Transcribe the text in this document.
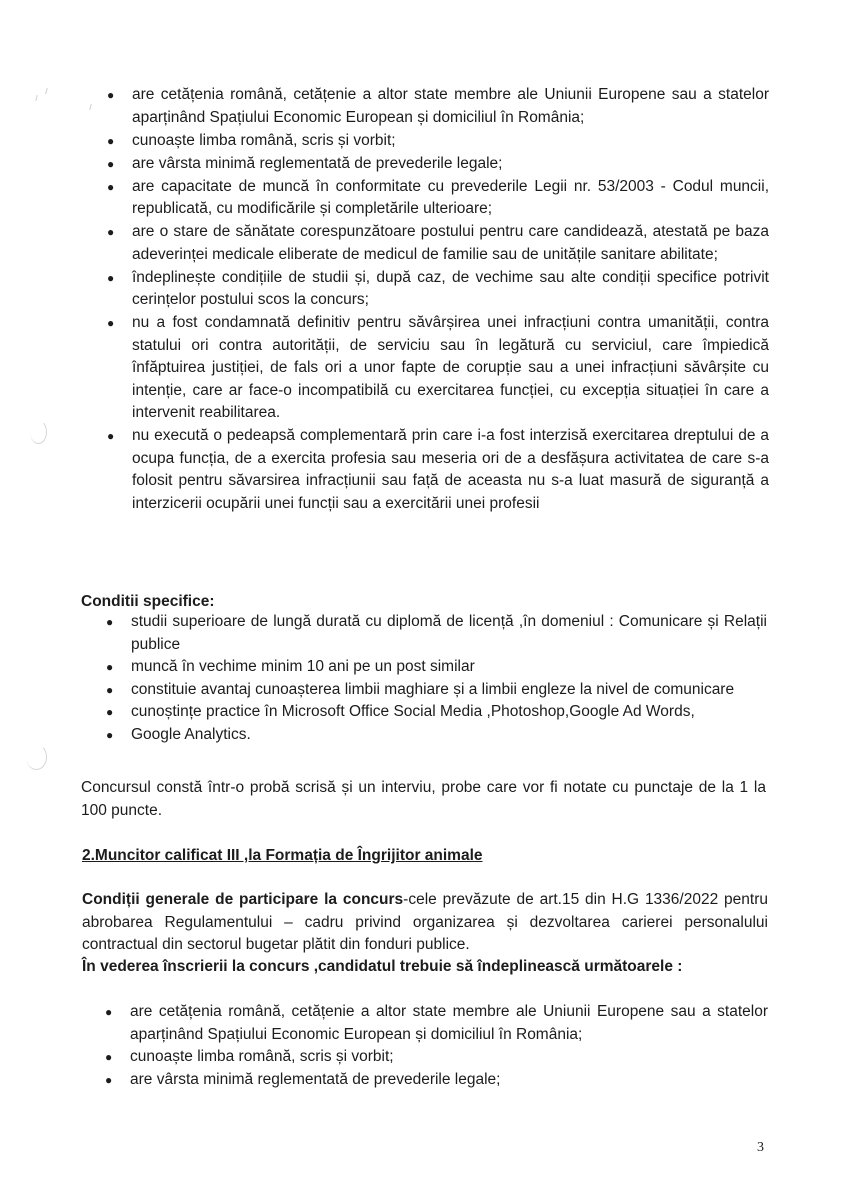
● are cetățenia română, cetățenie a altor state membre ale Uniunii Europene sau a statelor aparținând Spațiului Economic European și domiciliul în România;
● cunoaște limba română, scris și vorbit;
● are vârsta minimă reglementată de prevederile legale;
● are capacitate de muncă în conformitate cu prevederile Legii nr. 53/2003 - Codul muncii, republicată, cu modificările și completările ulterioare;
● are o stare de sănătate corespunzătoare postului pentru care candidează, atestată pe baza adeverinței medicale eliberate de medicul de familie sau de unitățile sanitare abilitate;
● îndeplinește condițiile de studii și, după caz, de vechime sau alte condiții specifice potrivit cerințelor postului scos la concurs;
● nu a fost condamnată definitiv pentru săvârșirea unei infracțiuni contra umanității, contra statului ori contra autorității, de serviciu sau în legătură cu serviciul, care împiedică înfăptuirea justiției, de fals ori a unor fapte de corupție sau a unei infracțiuni săvârșite cu intenție, care ar face-o incompatibilă cu exercitarea funcției, cu excepția situației în care a intervenit reabilitarea.
● nu execută o pedeapsă complementară prin care i-a fost interzisă exercitarea dreptului de a ocupa funcția, de a exercita profesia sau meseria ori de a desfășura activitatea de care s-a folosit pentru săvarsirea infracțiunii sau față de aceasta nu s-a luat masură de siguranță a interzicerii ocupării unei funcții sau a exercitării unei profesii
Conditii specifice:
● studii superioare de lungă durată cu diplomă de licență ,în domeniul : Comunicare și Relații publice
● muncă în vechime minim 10 ani pe un post similar
● constituie avantaj cunoașterea limbii maghiare și a limbii engleze la nivel de comunicare
● cunoștințe practice în Microsoft Office Social Media ,Photoshop,Google Ad Words,
● Google Analytics.

Concursul constă într-o probă scrisă și un interviu, probe care vor fi notate cu punctaje de la 1 la 100 puncte.

2.Muncitor calificat III ,la Formația de Îngrijitor animale

Condiții generale de participare la concurs-cele prevăzute de art.15 din H.G 1336/2022 pentru abrobarea Regulamentului – cadru privind organizarea și dezvoltarea carierei personalului contractual din sectorul bugetar plătit din fonduri publice.

În vederea înscrierii la concurs ,candidatul trebuie să îndeplinească următoarele :

● are cetățenia română, cetățenie a altor state membre ale Uniunii Europene sau a statelor aparținând Spațiului Economic European și domiciliul în România;
● cunoaște limba română, scris și vorbit;
● are vârsta minimă reglementată de prevederile legale;
3
